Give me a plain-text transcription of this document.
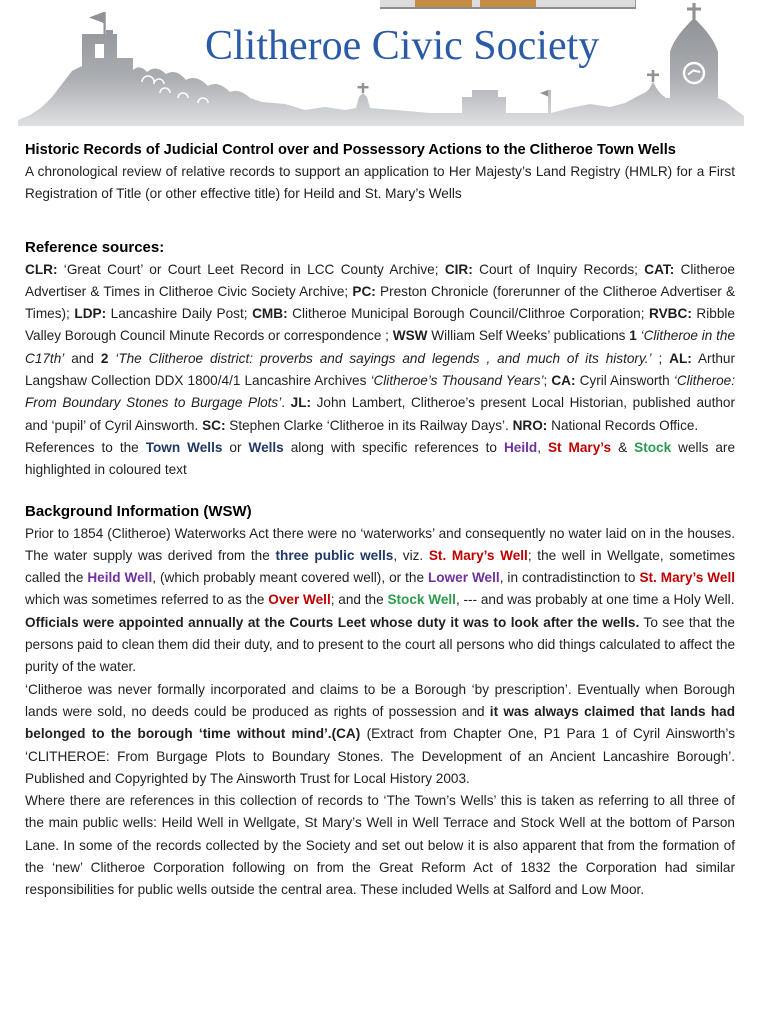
Clitheroe Civic Society

Historic Records of Judicial Control over and Possessory Actions to the Clitheroe Town Wells

A chronological review of relative records to support an application to Her Majesty’s Land Registry (HMLR) for a First Registration of Title (or other effective title) for Heild and St. Mary’s Wells

Reference sources:

CLR: ‘Great Court’ or Court Leet Record in LCC County Archive; CIR: Court of Inquiry Records; CAT: Clitheroe Advertiser & Times in Clitheroe Civic Society Archive; PC: Preston Chronicle (forerunner of the Clitheroe Advertiser & Times); LDP: Lancashire Daily Post; CMB: Clitheroe Municipal Borough Council/Clithroe Corporation; RVBC: Ribble Valley Borough Council Minute Records or correspondence ; WSW William Self Weeks’ publications 1 ‘Clitheroe in the C17th’ and 2 ‘The Clitheroe district: proverbs and sayings and legends , and much of its history.’ ; AL: Arthur Langshaw Collection DDX 1800/4/1 Lancashire Archives ‘Clitheroe’s Thousand Years’; CA: Cyril Ainsworth ‘Clitheroe: From Boundary Stones to Burgage Plots’. JL: John Lambert, Clitheroe’s present Local Historian, published author and ‘pupil’ of Cyril Ainsworth. SC: Stephen Clarke ‘Clitheroe in its Railway Days’. NRO: National Records Office.

References to the Town Wells or Wells along with specific references to Heild, St Mary’s & Stock wells are highlighted in coloured text

Background Information (WSW)

Prior to 1854 (Clitheroe) Waterworks Act there were no ‘waterworks’ and consequently no water laid on in the houses. The water supply was derived from the three public wells, viz. St. Mary’s Well; the well in Wellgate, sometimes called the Heild Well, (which probably meant covered well), or the Lower Well, in contradistinction to St. Mary’s Well which was sometimes referred to as the Over Well; and the Stock Well, --- and was probably at one time a Holy Well.

Officials were appointed annually at the Courts Leet whose duty it was to look after the wells. To see that the persons paid to clean them did their duty, and to present to the court all persons who did things calculated to affect the purity of the water.

‘Clitheroe was never formally incorporated and claims to be a Borough ‘by prescription’. Eventually when Borough lands were sold, no deeds could be produced as rights of possession and it was always claimed that lands had belonged to the borough ‘time without mind’.(CA) (Extract from Chapter One, P1 Para 1 of Cyril Ainsworth’s ‘CLITHEROE: From Burgage Plots to Boundary Stones. The Development of an Ancient Lancashire Borough’. Published and Copyrighted by The Ainsworth Trust for Local History 2003.

Where there are references in this collection of records to ‘The Town’s Wells’ this is taken as referring to all three of the main public wells: Heild Well in Wellgate, St Mary’s Well in Well Terrace and Stock Well at the bottom of Parson Lane. In some of the records collected by the Society and set out below it is also apparent that from the formation of the ‘new’ Clitheroe Corporation following on from the Great Reform Act of 1832 the Corporation had similar responsibilities for public wells outside the central area. These included Wells at Salford and Low Moor.
